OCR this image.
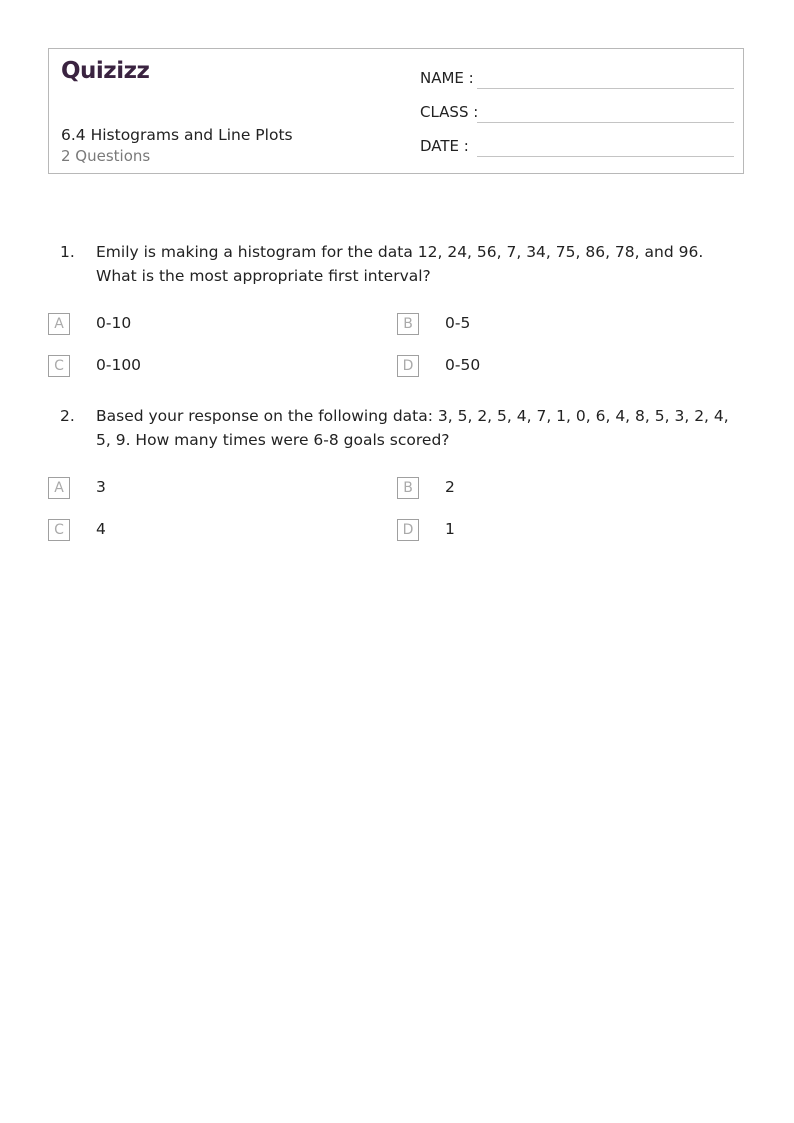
Quizizz
6.4 Histograms and Line Plots
2 Questions
NAME :
CLASS :
DATE :
1. Emily is making a histogram for the data 12, 24, 56, 7, 34, 75, 86, 78, and 96. What is the most appropriate first interval?
A	0-10	B	0-5
C	0-100	D	0-50
2. Based your response on the following data: 3, 5, 2, 5, 4, 7, 1, 0, 6, 4, 8, 5, 3, 2, 4, 5, 9. How many times were 6-8 goals scored?
A	3	B	2
C	4	D	1
